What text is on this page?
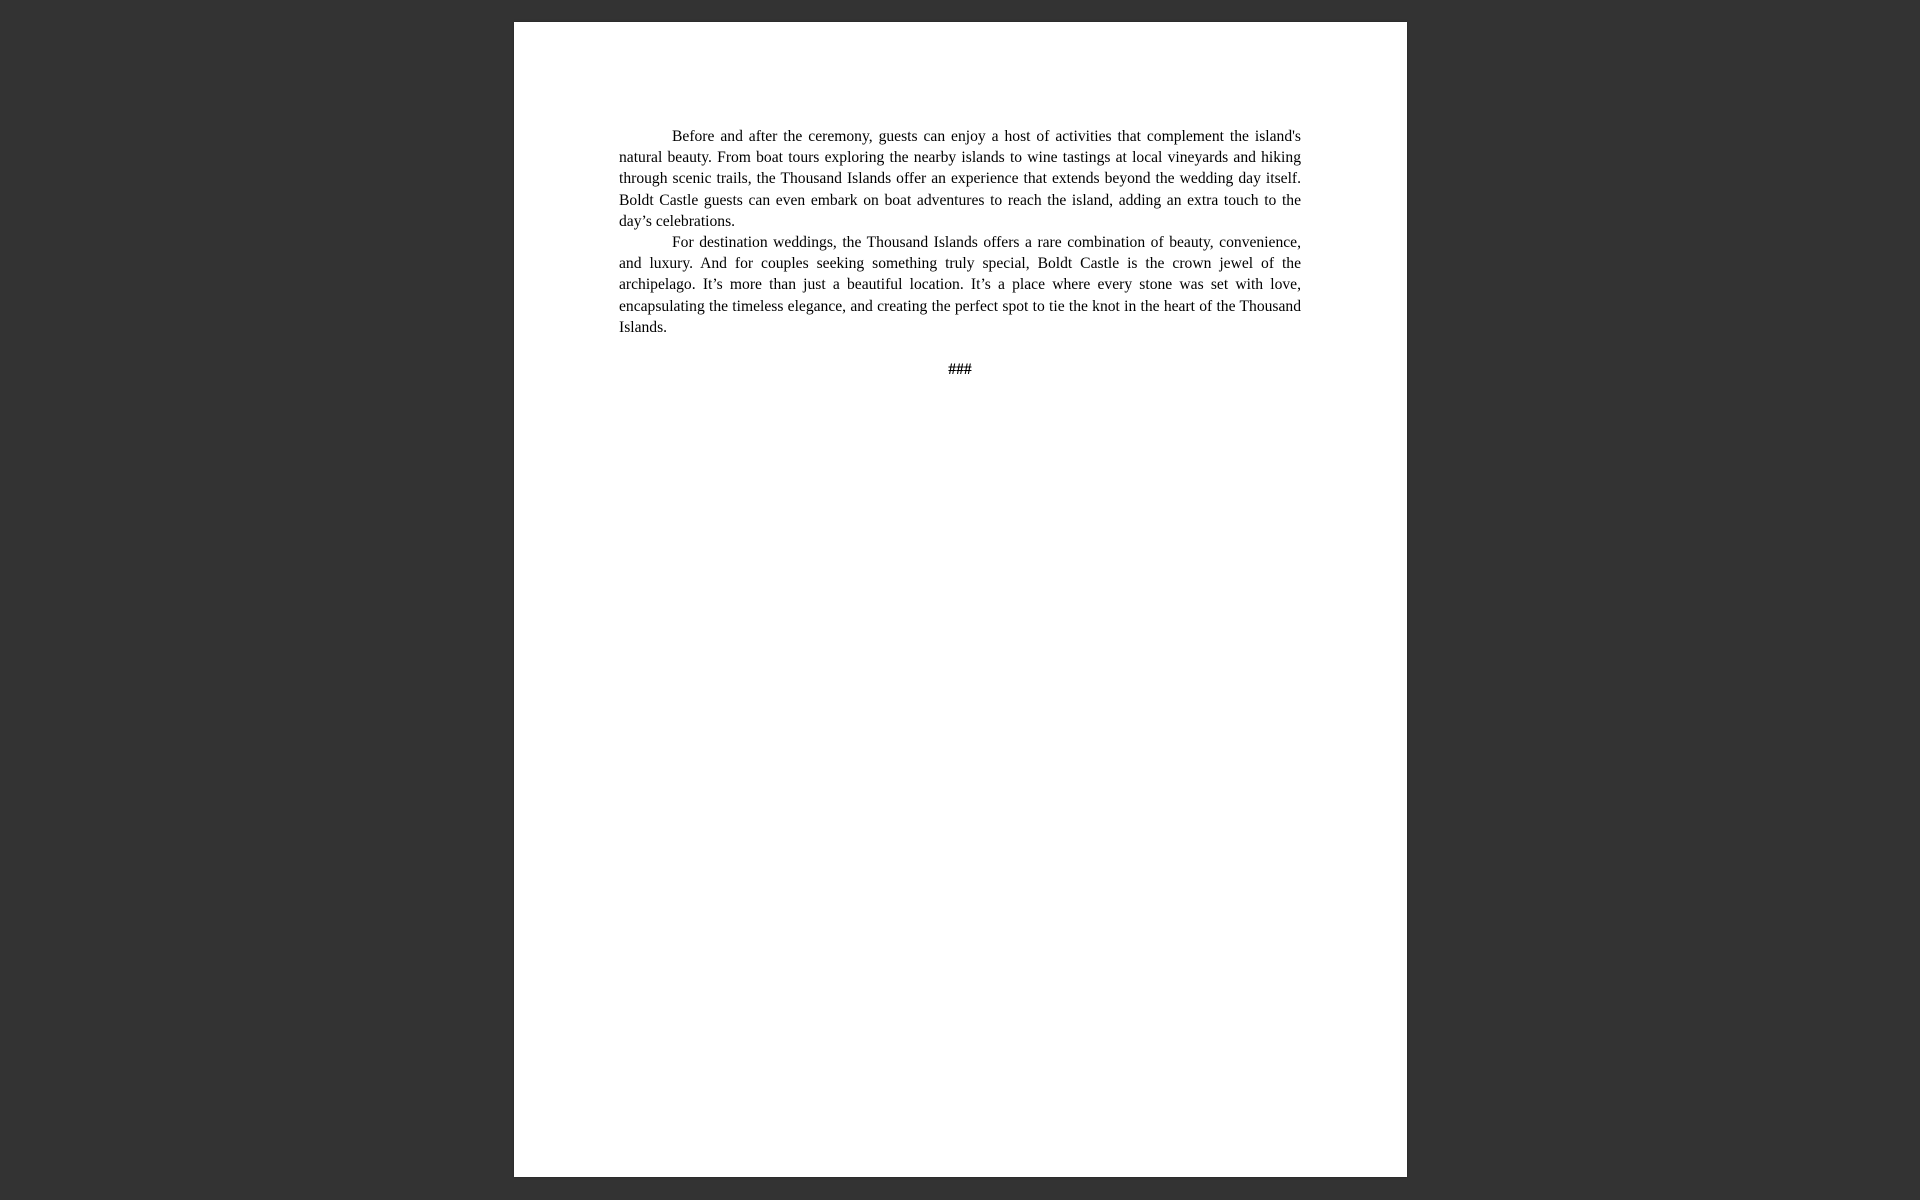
Before and after the ceremony, guests can enjoy a host of activities that complement the island's natural beauty. From boat tours exploring the nearby islands to wine tastings at local vineyards and hiking through scenic trails, the Thousand Islands offer an experience that extends beyond the wedding day itself. Boldt Castle guests can even embark on boat adventures to reach the island, adding an extra touch to the day’s celebrations.

For destination weddings, the Thousand Islands offers a rare combination of beauty, convenience, and luxury. And for couples seeking something truly special, Boldt Castle is the crown jewel of the archipelago. It’s more than just a beautiful location. It’s a place where every stone was set with love, encapsulating the timeless elegance, and creating the perfect spot to tie the knot in the heart of the Thousand Islands.

###
